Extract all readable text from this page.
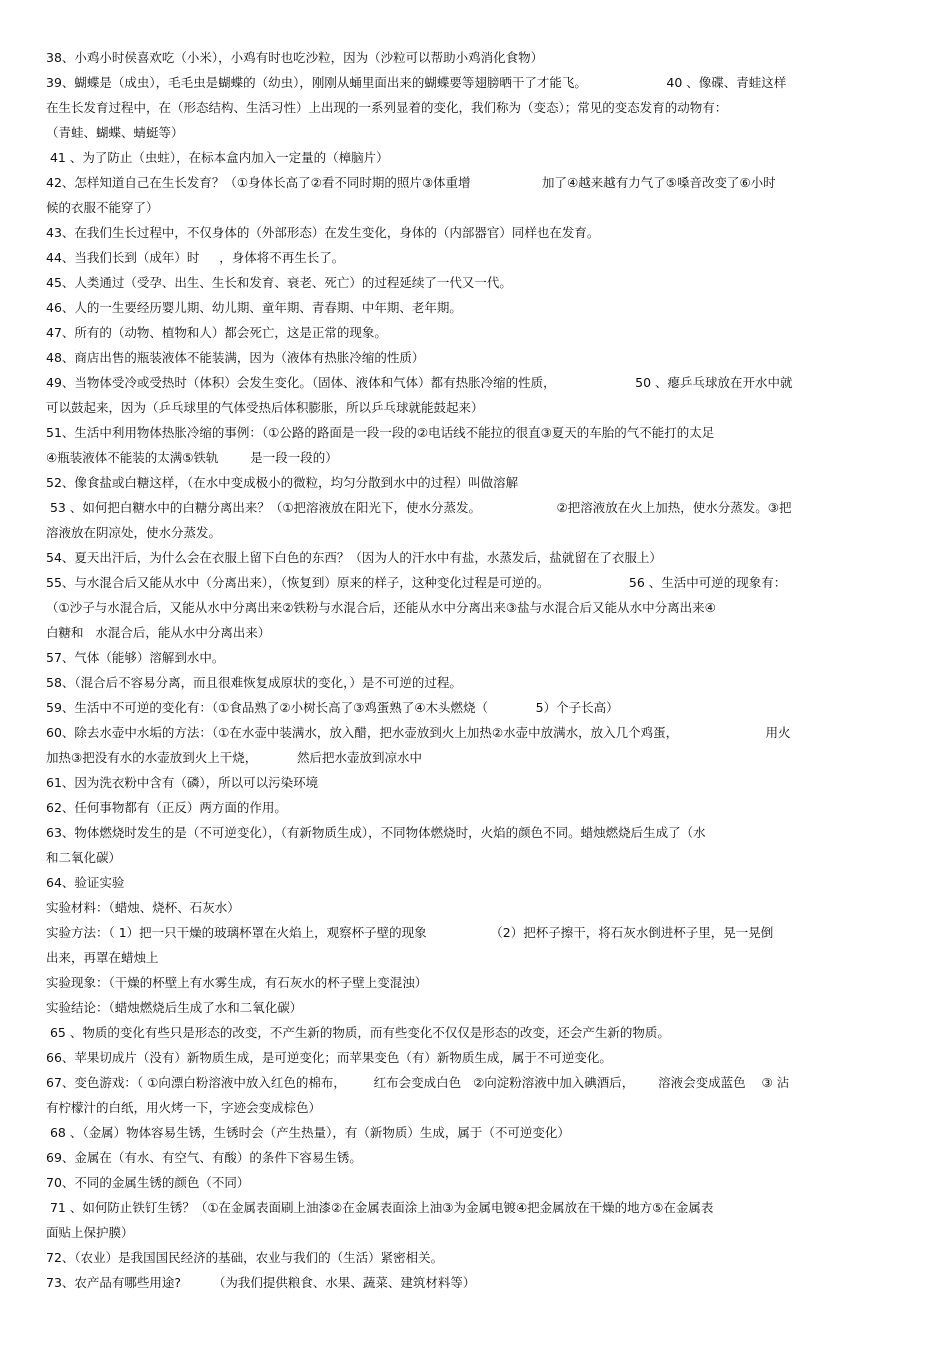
38、小鸡小时侯喜欢吃（小米），小鸡有时也吃沙粒，因为（沙粒可以帮助小鸡消化食物）
39、蝴蝶是（成虫），毛毛虫是蝴蝶的（幼虫），刚刚从蛹里面出来的蝴蝶要等翅膀晒干了才能飞。                    40 、像碟、青蛙这样
在生长发育过程中，在（形态结构、生活习性）上出现的一系列显着的变化，我们称为（变态）；常见的变态发育的动物有：
（青蛙、蝴蝶、蜻蜓等）
41 、为了防止（虫蛀），在标本盒内加入一定量的（樟脑片）
42、怎样知道自己在生长发育？（①身体长高了②看不同时期的照片③体重增                  加了④越来越有力气了⑤嗓音改变了⑥小时
候的衣服不能穿了）
43、在我们生长过程中，不仅身体的（外部形态）在发生变化，身体的（内部器官）同样也在发育。
44、当我们长到（成年）时     ，身体将不再生长了。
45、人类通过（受孕、出生、生长和发育、衰老、死亡）的过程延续了一代又一代。
46、人的一生要经历婴儿期、幼儿期、童年期、青春期、中年期、老年期。
47、所有的（动物、植物和人）都会死亡，这是正常的现象。
48、商店出售的瓶装液体不能装满，因为（液体有热胀冷缩的性质）
49、当物体受冷或受热时（体积）会发生变化。（固体、液体和气体）都有热胀冷缩的性质，                    50 、瘪乒乓球放在开水中就
可以鼓起来，因为（乒乓球里的气体受热后体积膨胀，所以乒乓球就能鼓起来）
51、生活中利用物体热胀冷缩的事例：（①公路的路面是一段一段的②电话线不能拉的很直③夏天的车胎的气不能打的太足
④瓶装液体不能装的太满⑤铁轨        是一段一段的）
52、像食盐或白糖这样，（在水中变成极小的微粒，均匀分散到水中的过程）叫做溶解
53 、如何把白糖水中的白糖分离出来？（①把溶液放在阳光下，使水分蒸发。                   ②把溶液放在火上加热，使水分蒸发。③把
溶液放在阴凉处，使水分蒸发。
54、夏天出汗后，为什么会在衣服上留下白色的东西？（因为人的汗水中有盐，水蒸发后，盐就留在了衣服上）
55、与水混合后又能从水中（分离出来），（恢复到）原来的样子，这种变化过程是可逆的。                    56 、生活中可逆的现象有：
（①沙子与水混合后，又能从水中分离出来②铁粉与水混合后，还能从水中分离出来③盐与水混合后又能从水中分离出来④
白糖和   水混合后，能从水中分离出来）
57、气体（能够）溶解到水中。
58、（混合后不容易分离，而且很难恢复成原状的变化，）是不可逆的过程。
59、生活中不可逆的变化有：（①食品熟了②小树长高了③鸡蛋熟了④木头燃烧（            5）个子长高）
60、除去水壶中水垢的方法：（①在水壶中装满水，放入醋，把水壶放到火上加热②水壶中放满水，放入几个鸡蛋，                      用火
加热③把没有水的水壶放到火上干烧，          然后把水壶放到凉水中
61、因为洗衣粉中含有（磷），所以可以污染环境
62、任何事物都有（正反）两方面的作用。
63、物体燃烧时发生的是（不可逆变化），（有新物质生成），不同物体燃烧时，火焰的颜色不同。蜡烛燃烧后生成了（水
和二氧化碳）
64、验证实验
实验材料：（蜡烛、烧杯、石灰水）
实验方法：（ 1）把一只干燥的玻璃杯罩在火焰上，观察杯子壁的现象                （2）把杯子擦干，将石灰水倒进杯子里，晃一晃倒
出来，再罩在蜡烛上
实验现象：（干燥的杯壁上有水雾生成，有石灰水的杯子壁上变混浊）
实验结论：（蜡烛燃烧后生成了水和二氧化碳）
65 、物质的变化有些只是形态的改变，不产生新的物质，而有些变化不仅仅是形态的改变，还会产生新的物质。
66、苹果切成片（没有）新物质生成，是可逆变化；而苹果变色（有）新物质生成，属于不可逆变化。
67、变色游戏：（ ①向漂白粉溶液中放入红色的棉布，       红布会变成白色   ②向淀粉溶液中加入碘酒后，      溶液会变成蓝色    ③ 沾
有柠檬汁的白纸，用火烤一下，字迹会变成棕色）
68 、（金属）物体容易生锈，生锈时会（产生热量），有（新物质）生成，属于（不可逆变化）
69、金属在（有水、有空气、有酸）的条件下容易生锈。
70、不同的金属生锈的颜色（不同）
71 、如何防止铁钉生锈？（①在金属表面刷上油漆②在金属表面涂上油③为金属电镀④把金属放在干燥的地方⑤在金属表
面贴上保护膜）
72、（农业）是我国国民经济的基础，农业与我们的（生活）紧密相关。
73、农产品有哪些用途?        （为我们提供粮食、水果、蔬菜、建筑材料等）
